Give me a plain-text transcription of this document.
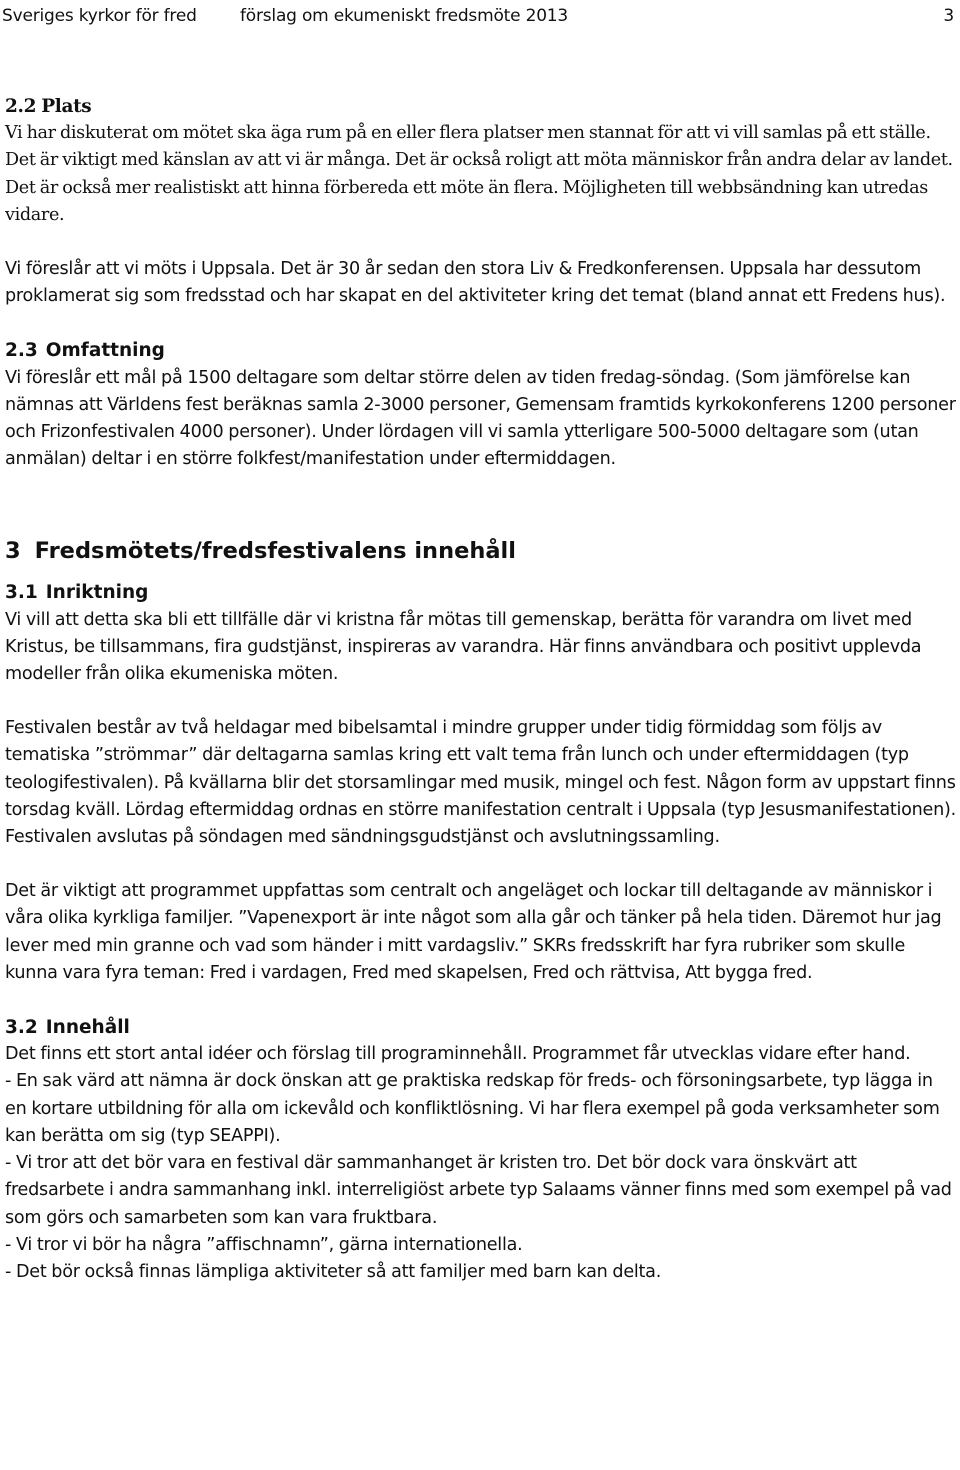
Sveriges kyrkor för fred	förslag om ekumeniskt fredsmöte 2013	3
2.2 Plats

Vi har diskuterat om mötet ska äga rum på en eller flera platser men stannat för att vi vill samlas på ett ställe. Det är viktigt med känslan av att vi är många. Det är också roligt att möta människor från andra delar av landet. Det är också mer realistiskt att hinna förbereda ett möte än flera. Möjligheten till webbsändning kan utredas vidare.

Vi föreslår att vi möts i Uppsala. Det är 30 år sedan den stora Liv & Fredkonferensen. Uppsala har dessutom proklamerat sig som fredsstad och har skapat en del aktiviteter kring det temat (bland annat ett Fredens hus).

2.3 Omfattning

Vi föreslår ett mål på 1500 deltagare som deltar större delen av tiden fredag-söndag. (Som jämförelse kan nämnas att Världens fest beräknas samla 2-3000 personer, Gemensam framtids kyrkokonferens 1200 personer och Frizonfestivalen 4000 personer). Under lördagen vill vi samla ytterligare 500-5000 deltagare som (utan anmälan) deltar i en större folkfest/manifestation under eftermiddagen.

3 Fredsmötets/fredsfestivalens innehåll
3.1 Inriktning

Vi vill att detta ska bli ett tillfälle där vi kristna får mötas till gemenskap, berätta för varandra om livet med Kristus, be tillsammans, fira gudstjänst, inspireras av varandra. Här finns användbara och positivt upplevda modeller från olika ekumeniska möten.

Festivalen består av två heldagar med bibelsamtal i mindre grupper under tidig förmiddag som följs av tematiska ”strömmar” där deltagarna samlas kring ett valt tema från lunch och under eftermiddagen (typ teologifestivalen). På kvällarna blir det storsamlingar med musik, mingel och fest. Någon form av uppstart finns torsdag kväll. Lördag eftermiddag ordnas en större manifestation centralt i Uppsala (typ Jesusmanifestationen). Festivalen avslutas på söndagen med sändningsgudstjänst och avslutningssamling.

Det är viktigt att programmet uppfattas som centralt och angeläget och lockar till deltagande av människor i våra olika kyrkliga familjer. ”Vapenexport är inte något som alla går och tänker på hela tiden. Däremot hur jag lever med min granne och vad som händer i mitt vardagsliv.” SKRs fredsskrift har fyra rubriker som skulle kunna vara fyra teman: Fred i vardagen, Fred med skapelsen, Fred och rättvisa, Att bygga fred.

3.2 Innehåll

Det finns ett stort antal idéer och förslag till programinnehåll. Programmet får utvecklas vidare efter hand.

- En sak värd att nämna är dock önskan att ge praktiska redskap för freds- och försoningsarbete, typ lägga in en kortare utbildning för alla om ickevåld och konfliktlösning. Vi har flera exempel på goda verksamheter som kan berätta om sig (typ SEAPPI).

- Vi tror att det bör vara en festival där sammanhanget är kristen tro. Det bör dock vara önskvärt att fredsarbete i andra sammanhang inkl. interreligiöst arbete typ Salaams vänner finns med som exempel på vad som görs och samarbeten som kan vara fruktbara.

- Vi tror vi bör ha några ”affischnamn”, gärna internationella.

- Det bör också finnas lämpliga aktiviteter så att familjer med barn kan delta.
